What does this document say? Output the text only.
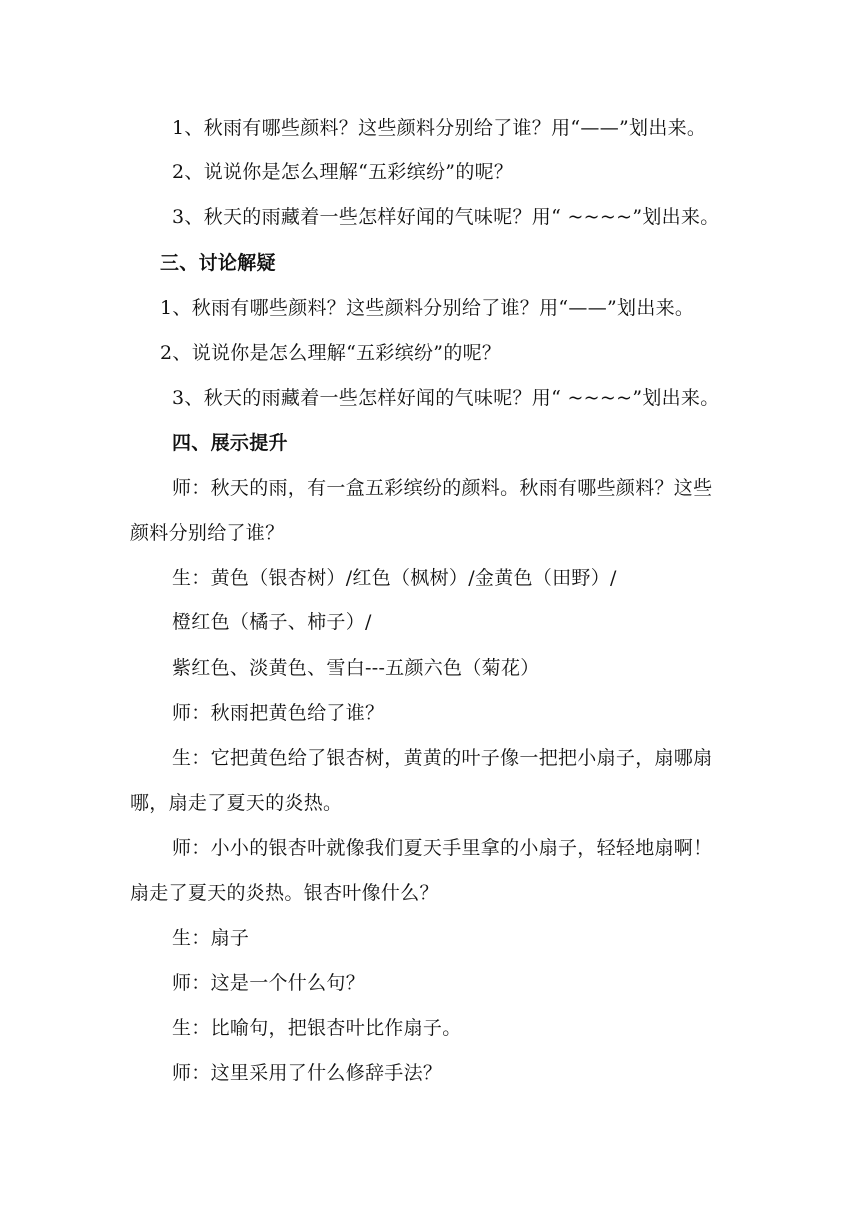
1、秋雨有哪些颜料？这些颜料分别给了谁？用“——”划出来。
2、说说你是怎么理解“五彩缤纷”的呢？
3、秋天的雨藏着一些怎样好闻的气味呢？用“ ~~~~”划出来。
三、讨论解疑
1、秋雨有哪些颜料？这些颜料分别给了谁？用“——”划出来。
2、说说你是怎么理解“五彩缤纷”的呢？
3、秋天的雨藏着一些怎样好闻的气味呢？用“ ~~~~”划出来。
四、展示提升
师：秋天的雨，有一盒五彩缤纷的颜料。秋雨有哪些颜料？这些
颜料分别给了谁？
生：黄色（银杏树）/红色（枫树）/金黄色（田野）/
橙红色（橘子、柿子）/
紫红色、淡黄色、雪白---五颜六色（菊花）
师：秋雨把黄色给了谁？
生：它把黄色给了银杏树，黄黄的叶子像一把把小扇子，扇哪扇
哪，扇走了夏天的炎热。
师：小小的银杏叶就像我们夏天手里拿的小扇子，轻轻地扇啊！
扇走了夏天的炎热。银杏叶像什么？
生：扇子
师：这是一个什么句？
生：比喻句，把银杏叶比作扇子。
师：这里采用了什么修辞手法？
